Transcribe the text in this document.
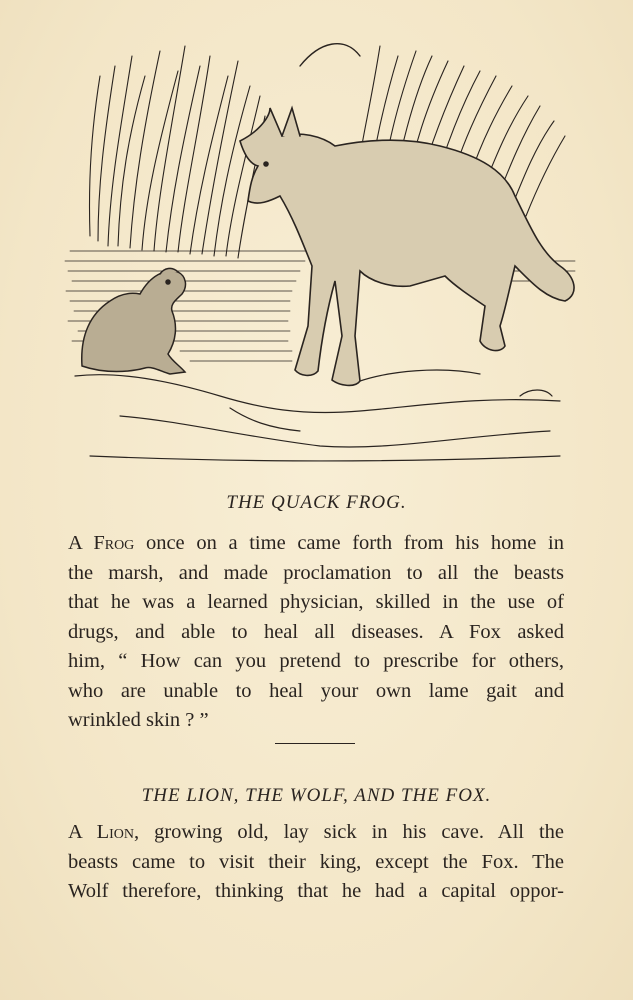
THE QUACK FROG.
A Frog once on a time came forth from his home in
the marsh, and made proclamation to all the beasts
that he was a learned physician, skilled in the use of
drugs, and able to heal all diseases. A Fox asked
him, “ How can you pretend to prescribe for others,
who are unable to heal your own lame gait and
wrinkled skin ? ”
THE LION, THE WOLF, AND THE FOX.
A Lion, growing old, lay sick in his cave. All the
beasts came to visit their king, except the Fox. The
Wolf therefore, thinking that he had a capital oppor-
